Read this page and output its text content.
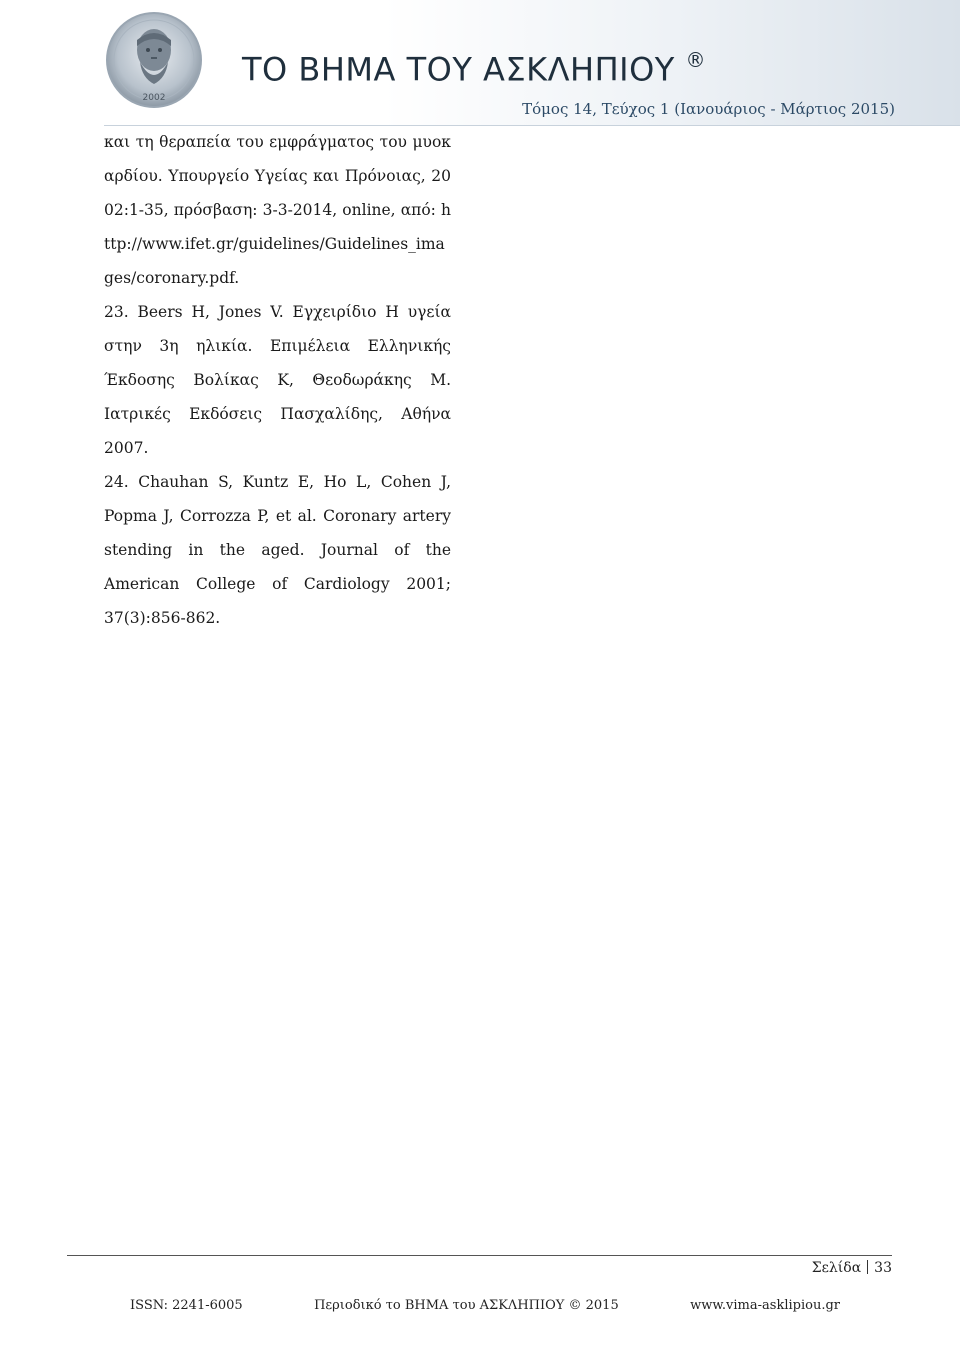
2002
ΤΟ ΒΗΜΑ ΤΟΥ ΑΣΚΛΗΠΙΟΥ ®
Τόμος 14, Τεύχος 1 (Ιανουάριος - Μάρτιος 2015)

και τη θεραπεία του εμφράγματος του μυοκαρδίου. Υπουργείο Υγείας και Πρόνοιας, 2002:1-35, πρόσβαση: 3-3-2014, online, από: http://www.ifet.gr/guidelines/Guidelines_images/coronary.pdf.

23. Beers H, Jones V. Εγχειρίδιο Η υγεία στην 3η ηλικία. Επιμέλεια Ελληνικής Έκδοσης Βολίκας Κ, Θεοδωράκης Μ. Ιατρικές Εκδόσεις Πασχαλίδης, Αθήνα 2007.

24. Chauhan S, Kuntz E, Ho L, Cohen J, Popma J, Corrozza P, et al. Coronary artery stending in the aged. Journal of the American College of Cardiology 2001; 37(3):856-862.

Σελίδα 33
ISSN: 2241-6005	Περιοδικό το ΒΗΜΑ του ΑΣΚΛΗΠΙΟΥ © 2015	www.vima-asklipiou.gr
